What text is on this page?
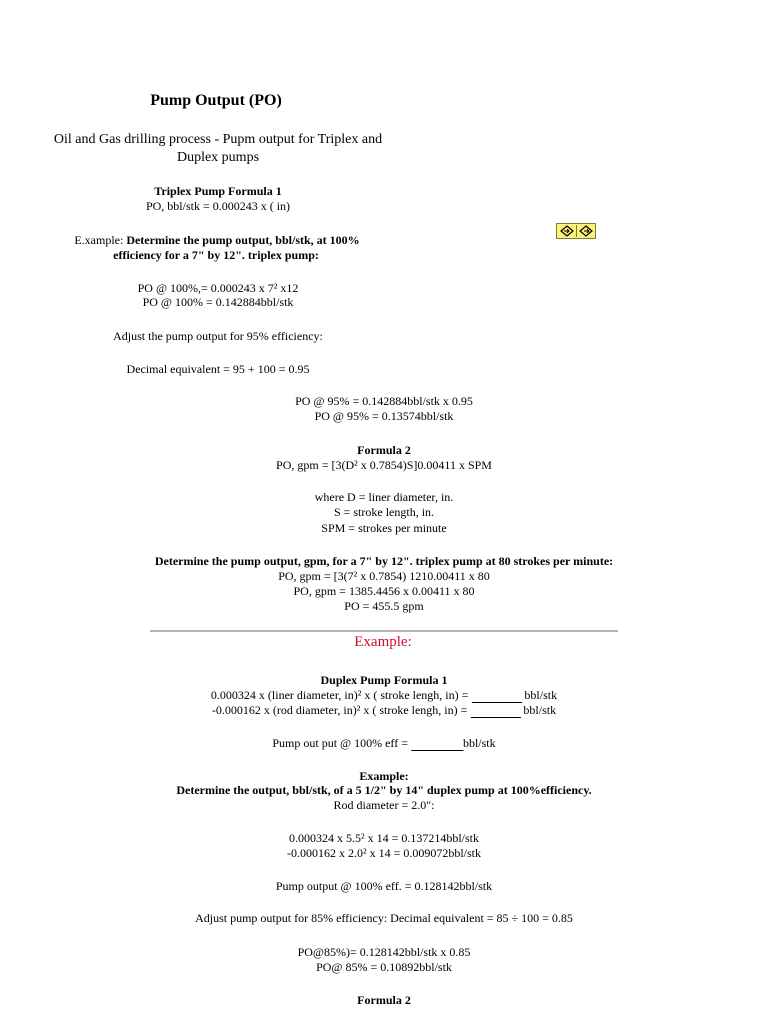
Pump Output (PO)
Oil and Gas drilling process - Pupm output for Triplex and
Duplex pumps
Triplex Pump Formula 1
PO, bbl/stk = 0.000243 x ( in)
E.xample: Determine the pump output, bbl/stk, at 100%
efficiency for a 7" by 12". triplex pump:
PO @ 100%,= 0.000243 x 7² x12
PO @ 100% = 0.142884bbl/stk
Adjust the pump output for 95% efficiency:
Decimal equivalent = 95 + 100 = 0.95
PO @ 95% = 0.142884bbl/stk x 0.95
PO @ 95% = 0.13574bbl/stk
Formula 2
PO, gpm = [3(D² x 0.7854)S]0.00411 x SPM
where D = liner diameter, in.
S = stroke length, in.
SPM = strokes per minute
Determine the pump output, gpm, for a 7" by 12". triplex pump at 80 strokes per minute:
PO, gpm = [3(7² x 0.7854) 1210.00411 x 80
PO, gpm = 1385.4456 x 0.00411 x 80
PO = 455.5 gpm
Example:
Duplex Pump Formula 1
0.000324 x (liner diameter, in)² x ( stroke lengh, in) =	bbl/stk
-0.000162 x (rod diameter, in)² x ( stroke lengh, in) =	bbl/stk
Pump out put @ 100% eff =	bbl/stk
Example:
Determine the output, bbl/stk, of a 5 1/2" by 14" duplex pump at 100%efficiency.
Rod diameter = 2.0":
0.000324 x 5.5² x 14 = 0.137214bbl/stk
-0.000162 x 2.0² x 14 = 0.009072bbl/stk
Pump output @ 100% eff. = 0.128142bbl/stk
Adjust pump output for 85% efficiency: Decimal equivalent = 85 ÷ 100 = 0.85
PO@85%)= 0.128142bbl/stk x 0.85
PO@ 85% = 0.10892bbl/stk
Formula 2
